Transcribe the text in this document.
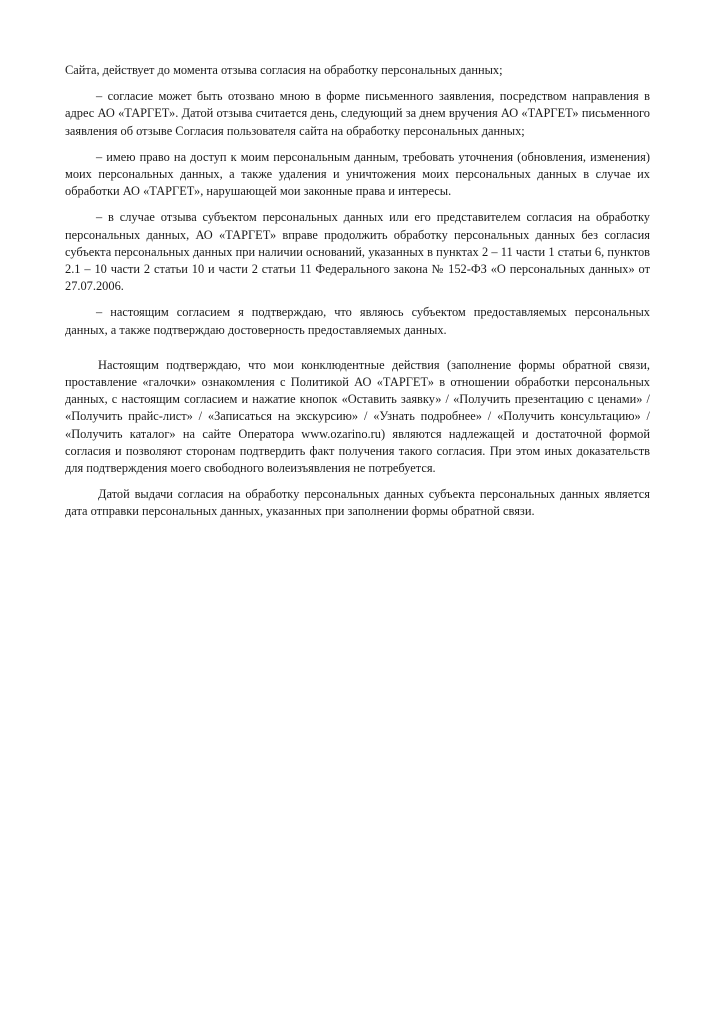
Сайта, действует до момента отзыва согласия на обработку персональных данных;

– согласие может быть отозвано мною в форме письменного заявления, посредством направления в адрес АО «ТАРГЕТ». Датой отзыва считается день, следующий за днем вручения АО «ТАРГЕТ» письменного заявления об отзыве Согласия пользователя сайта на обработку персональных данных;

– имею право на доступ к моим персональным данным, требовать уточнения (обновления, изменения) моих персональных данных, а также удаления и уничтожения моих персональных данных в случае их обработки АО «ТАРГЕТ», нарушающей мои законные права и интересы.

– в случае отзыва субъектом персональных данных или его представителем согласия на обработку персональных данных, АО «ТАРГЕТ» вправе продолжить обработку персональных данных без согласия субъекта персональных данных при наличии оснований, указанных в пунктах 2 – 11 части 1 статьи 6, пунктов 2.1 – 10 части 2 статьи 10 и части 2 статьи 11 Федерального закона № 152-ФЗ «О персональных данных» от 27.07.2006.

– настоящим согласием я подтверждаю, что являюсь субъектом предоставляемых персональных данных, а также подтверждаю достоверность предоставляемых данных.

Настоящим подтверждаю, что мои конклюдентные действия (заполнение формы обратной связи, проставление «галочки» ознакомления с Политикой АО «ТАРГЕТ» в отношении обработки персональных данных, с настоящим согласием и нажатие кнопок «Оставить заявку» / «Получить презентацию с ценами» / «Получить прайс-лист» / «Записаться на экскурсию» / «Узнать подробнее» / «Получить консультацию» / «Получить каталог» на сайте Оператора www.ozarino.ru) являются надлежащей и достаточной формой согласия и позволяют сторонам подтвердить факт получения такого согласия. При этом иных доказательств для подтверждения моего свободного волеизъявления не потребуется.

Датой выдачи согласия на обработку персональных данных субъекта персональных данных является дата отправки персональных данных, указанных при заполнении формы обратной связи.
